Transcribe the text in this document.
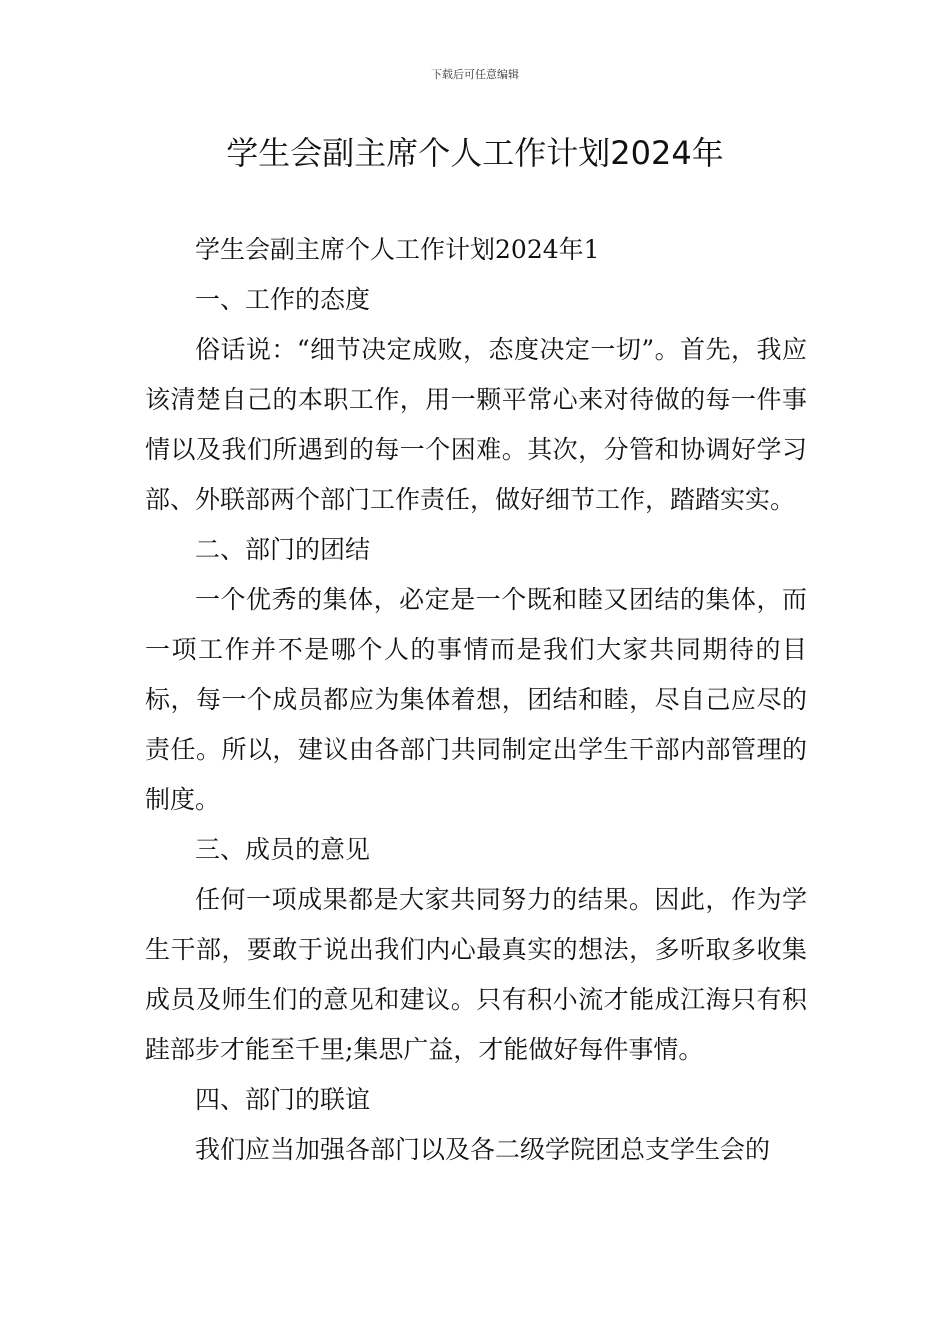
下载后可任意编辑
学生会副主席个人工作计划2024年

学生会副主席个人工作计划2024年1

一、工作的态度

俗话说：“细节决定成败，态度决定一切”。首先，我应该清楚自己的本职工作，用一颗平常心来对待做的每一件事情以及我们所遇到的每一个困难。其次，分管和协调好学习部、外联部两个部门工作责任，做好细节工作，踏踏实实。

二、部门的团结

一个优秀的集体，必定是一个既和睦又团结的集体，而一项工作并不是哪个人的事情而是我们大家共同期待的目标，每一个成员都应为集体着想，团结和睦，尽自己应尽的责任。所以，建议由各部门共同制定出学生干部内部管理的制度。

三、成员的意见

任何一项成果都是大家共同努力的结果。因此，作为学生干部，要敢于说出我们内心最真实的想法，多听取多收集成员及师生们的意见和建议。只有积小流才能成江海只有积跬部步才能至千里;集思广益，才能做好每件事情。

四、部门的联谊

我们应当加强各部门以及各二级学院团总支学生会的
